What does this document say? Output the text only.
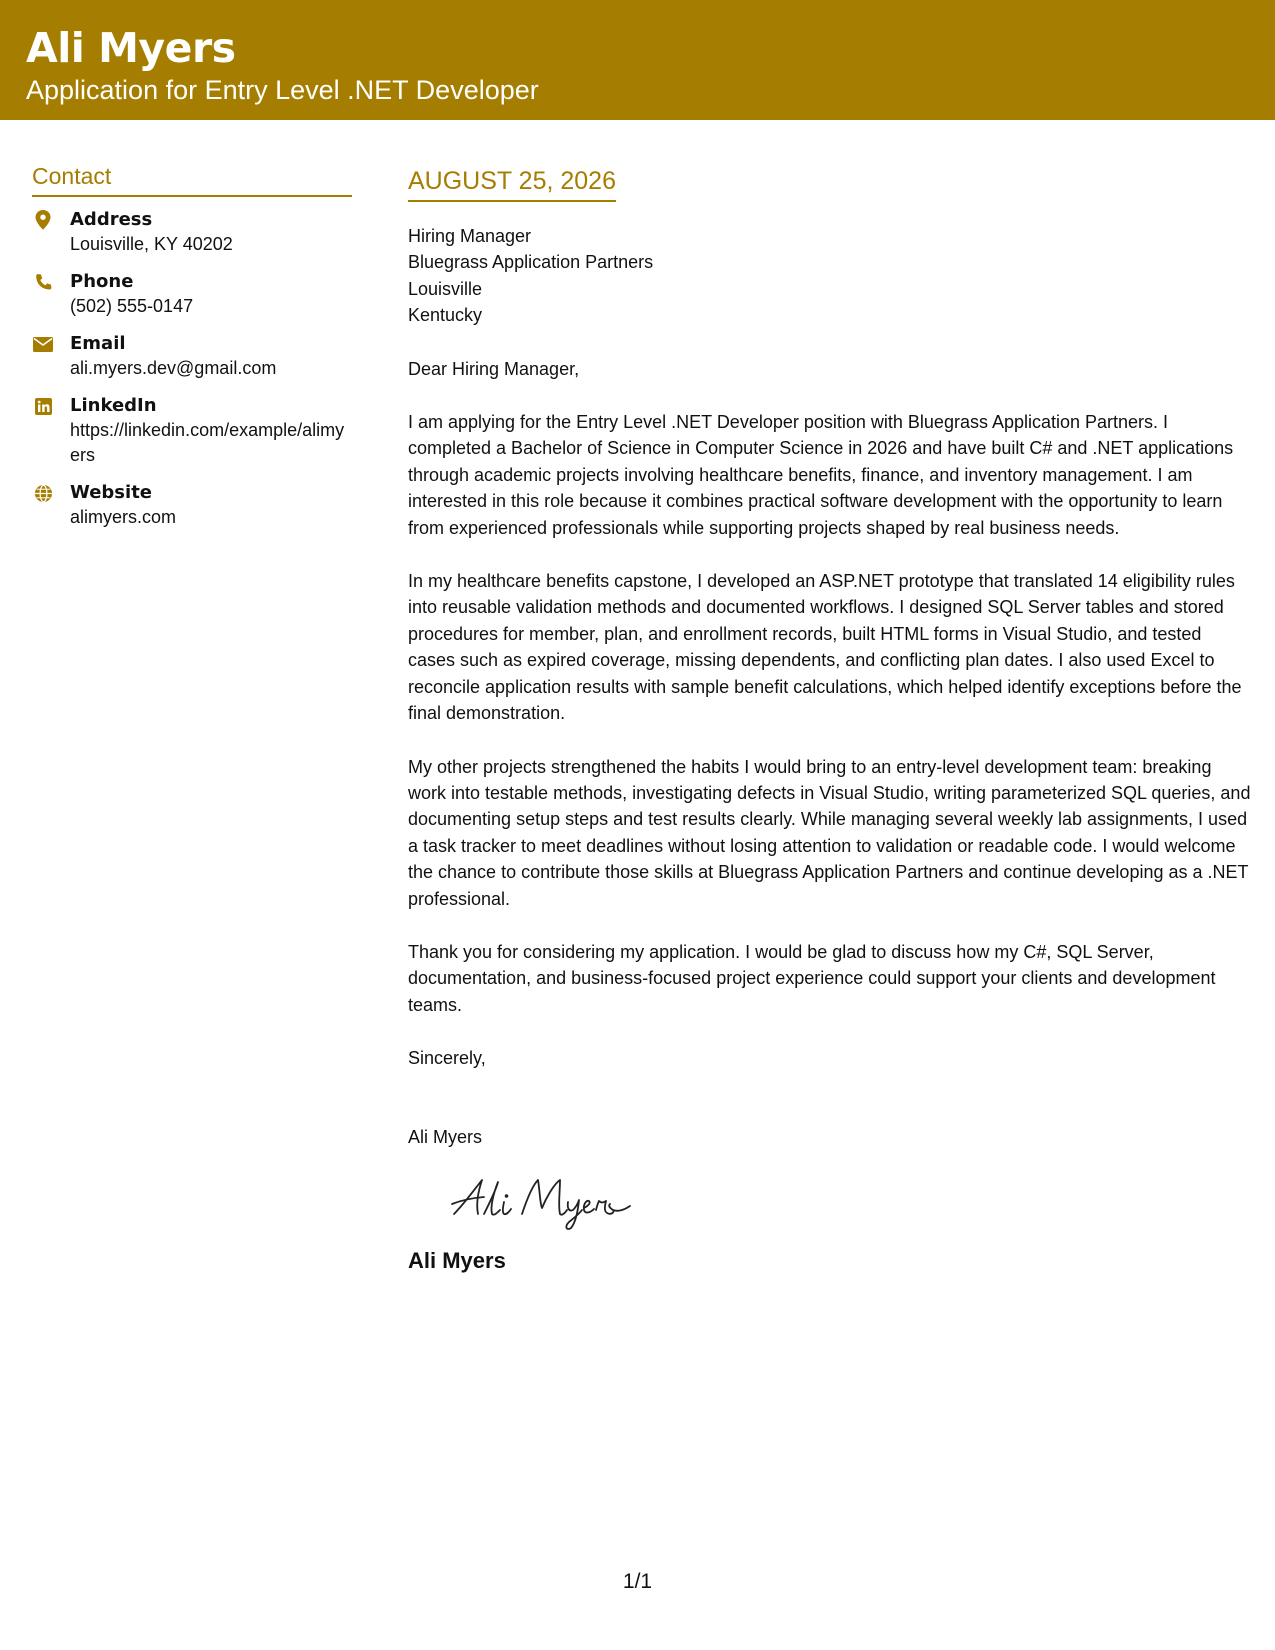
Ali Myers
Application for Entry Level .NET Developer
Contact
Address
Louisville, KY 40202
Phone
(502) 555-0147
Email
ali.myers.dev@gmail.com
LinkedIn
https://linkedin.com/example/alimyers
Website
alimyers.com
AUGUST 25, 2026
Hiring Manager
Bluegrass Application Partners
Louisville
Kentucky
Dear Hiring Manager,

I am applying for the Entry Level .NET Developer position with Bluegrass Application Partners. I completed a Bachelor of Science in Computer Science in 2026 and have built C# and .NET applications through academic projects involving healthcare benefits, finance, and inventory management. I am interested in this role because it combines practical software development with the opportunity to learn from experienced professionals while supporting projects shaped by real business needs.

In my healthcare benefits capstone, I developed an ASP.NET prototype that translated 14 eligibility rules into reusable validation methods and documented workflows. I designed SQL Server tables and stored procedures for member, plan, and enrollment records, built HTML forms in Visual Studio, and tested cases such as expired coverage, missing dependents, and conflicting plan dates. I also used Excel to reconcile application results with sample benefit calculations, which helped identify exceptions before the final demonstration.

My other projects strengthened the habits I would bring to an entry-level development team: breaking work into testable methods, investigating defects in Visual Studio, writing parameterized SQL queries, and documenting setup steps and test results clearly. While managing several weekly lab assignments, I used a task tracker to meet deadlines without losing attention to validation or readable code. I would welcome the chance to contribute those skills at Bluegrass Application Partners and continue developing as a .NET professional.

Thank you for considering my application. I would be glad to discuss how my C#, SQL Server, documentation, and business-focused project experience could support your clients and development teams.

Sincerely,
Ali Myers
Ali Myers
1/1
